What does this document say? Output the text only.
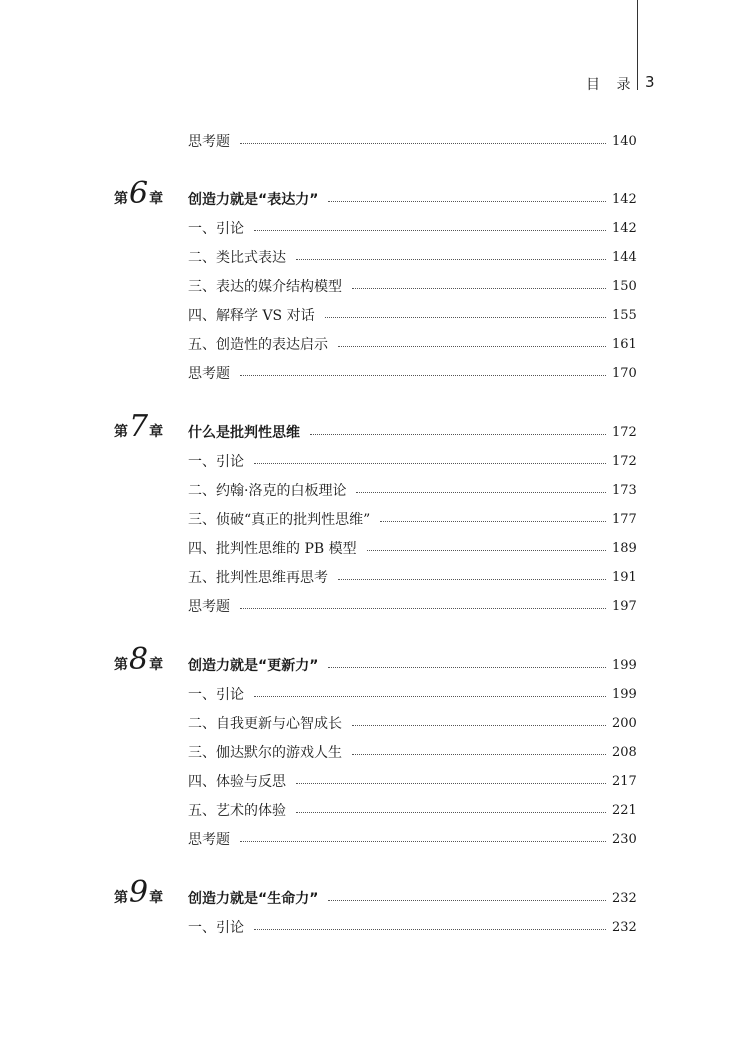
目 录 3
思考题	140
第 6 章 创造力就是“表达力”	142
一、引论	142
二、类比式表达	144
三、表达的媒介结构模型	150
四、解释学 VS 对话	155
五、创造性的表达启示	161
思考题	170
第 7 章 什么是批判性思维	172
一、引论	172
二、约翰·洛克的白板理论	173
三、侦破“真正的批判性思维”	177
四、批判性思维的 PB 模型	189
五、批判性思维再思考	191
思考题	197
第 8 章 创造力就是“更新力”	199
一、引论	199
二、自我更新与心智成长	200
三、伽达默尔的游戏人生	208
四、体验与反思	217
五、艺术的体验	221
思考题	230
第 9 章 创造力就是“生命力”	232
一、引论	232
